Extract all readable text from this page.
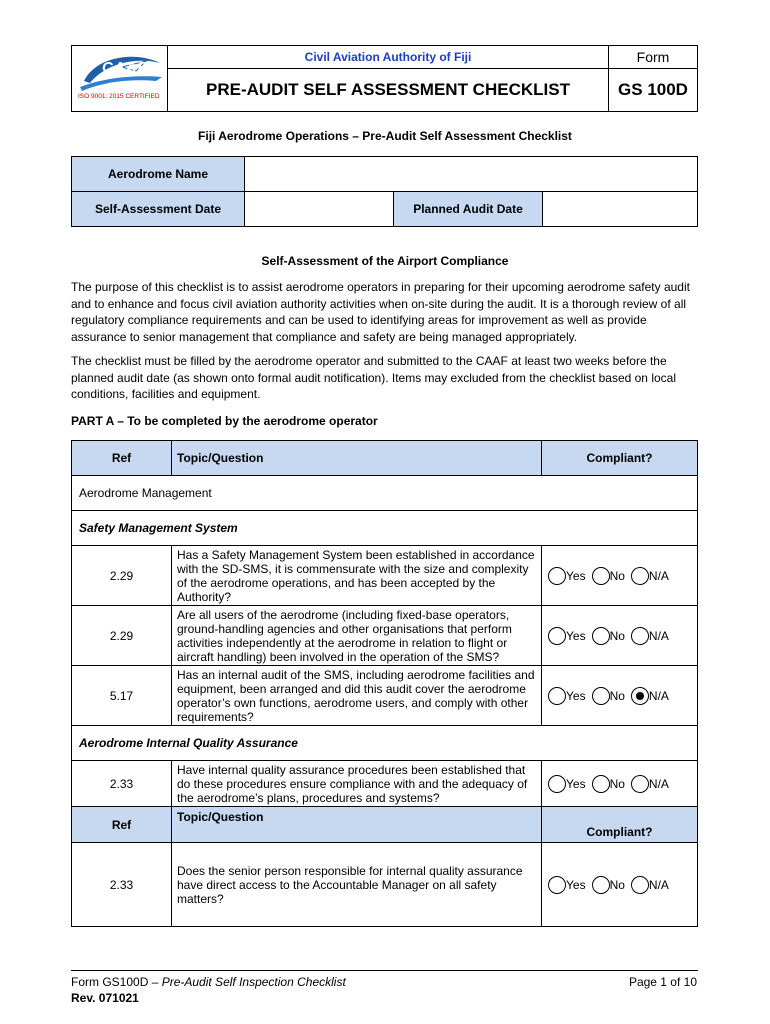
CAAF
ISO 9001: 2015 CERTIFIED	Civil Aviation Authority of Fiji	Form
	PRE-AUDIT SELF ASSESSMENT CHECKLIST	GS 100D
Fiji Aerodrome Operations – Pre-Audit Self Assessment Checklist
Aerodrome Name			
Self-Assessment Date		Planned Audit Date	
Self-Assessment of the Airport Compliance
The purpose of this checklist is to assist aerodrome operators in preparing for their upcoming aerodrome safety audit and to enhance and focus civil aviation authority activities when on-site during the audit. It is a thorough review of all regulatory compliance requirements and can be used to identifying areas for improvement as well as provide assurance to senior management that compliance and safety are being managed appropriately.
The checklist must be filled by the aerodrome operator and submitted to the CAAF at least two weeks before the planned audit date (as shown onto formal audit notification). Items may excluded from the checklist based on local conditions, facilities and equipment.
PART A – To be completed by the aerodrome operator
Ref	Topic/Question	Compliant?
Aerodrome Management		
Safety Management System		
2.29	Has a Safety Management System been established in accordance with the SD-SMS, it is commensurate with the size and complexity of the aerodrome operations, and has been accepted by the Authority?	Yes No N/A
2.29	Are all users of the aerodrome (including fixed-base operators, ground-handling agencies and other organisations that perform activities independently at the aerodrome in relation to flight or aircraft handling) been involved in the operation of the SMS?	Yes No N/A
5.17	Has an internal audit of the SMS, including aerodrome facilities and equipment, been arranged and did this audit cover the aerodrome operator’s own functions, aerodrome users, and comply with other requirements?	Yes No N/A
Aerodrome Internal Quality Assurance		
2.33	Have internal quality assurance procedures been established that do these procedures ensure compliance with and the adequacy of the aerodrome’s plans, procedures and systems?	Yes No N/A
Ref	Topic/Question	Compliant?
2.33	Does the senior person responsible for internal quality assurance have direct access to the Accountable Manager on all safety matters?	Yes No N/A
Form GS100D – Pre-Audit Self Inspection Checklist
Rev. 071021
Page 1 of 10
